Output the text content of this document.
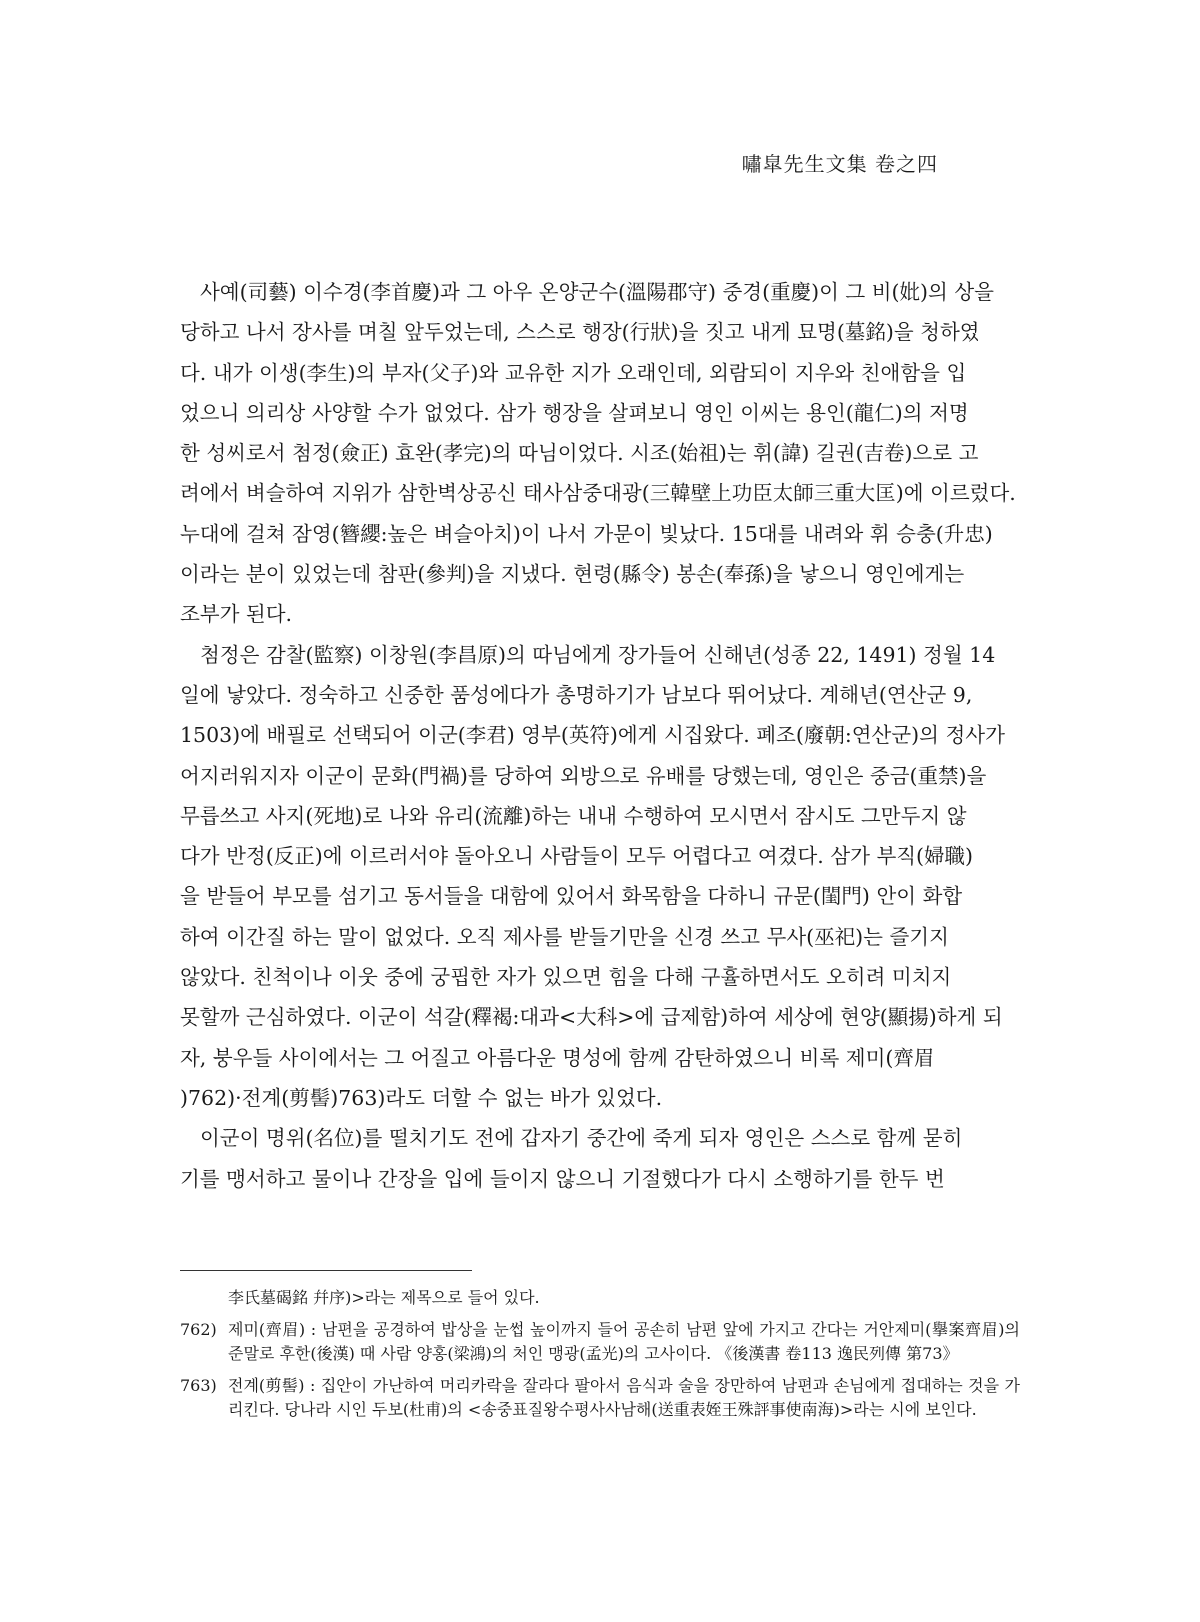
嘯皐先生文集 卷之四
사예(司藝) 이수경(李首慶)과 그 아우 온양군수(溫陽郡守) 중경(重慶)이 그 비(妣)의 상을
당하고 나서 장사를 며칠 앞두었는데, 스스로 행장(行狀)을 짓고 내게 묘명(墓銘)을 청하였
다. 내가 이생(李生)의 부자(父子)와 교유한 지가 오래인데, 외람되이 지우와 친애함을 입
었으니 의리상 사양할 수가 없었다. 삼가 행장을 살펴보니 영인 이씨는 용인(龍仁)의 저명
한 성씨로서 첨정(僉正) 효완(孝完)의 따님이었다. 시조(始祖)는 휘(諱) 길권(吉卷)으로 고
려에서 벼슬하여 지위가 삼한벽상공신 태사삼중대광(三韓壁上功臣太師三重大匡)에 이르렀다.
누대에 걸쳐 잠영(簪纓:높은 벼슬아치)이 나서 가문이 빛났다. 15대를 내려와 휘 승충(升忠)
이라는 분이 있었는데 참판(參判)을 지냈다. 현령(縣令) 봉손(奉孫)을 낳으니 영인에게는
조부가 된다.
첨정은 감찰(監察) 이창원(李昌原)의 따님에게 장가들어 신해년(성종 22, 1491) 정월 14
일에 낳았다. 정숙하고 신중한 품성에다가 총명하기가 남보다 뛰어났다. 계해년(연산군 9,
1503)에 배필로 선택되어 이군(李君) 영부(英符)에게 시집왔다. 폐조(廢朝:연산군)의 정사가
어지러워지자 이군이 문화(門禍)를 당하여 외방으로 유배를 당했는데, 영인은 중금(重禁)을
무릅쓰고 사지(死地)로 나와 유리(流離)하는 내내 수행하여 모시면서 잠시도 그만두지 않
다가 반정(反正)에 이르러서야 돌아오니 사람들이 모두 어렵다고 여겼다. 삼가 부직(婦職)
을 받들어 부모를 섬기고 동서들을 대함에 있어서 화목함을 다하니 규문(閨門) 안이 화합
하여 이간질 하는 말이 없었다. 오직 제사를 받들기만을 신경 쓰고 무사(巫祀)는 즐기지
않았다. 친척이나 이웃 중에 궁핍한 자가 있으면 힘을 다해 구휼하면서도 오히려 미치지
못할까 근심하였다. 이군이 석갈(釋褐:대과<大科>에 급제함)하여 세상에 현양(顯揚)하게 되
자, 붕우들 사이에서는 그 어질고 아름다운 명성에 함께 감탄하였으니 비록 제미(齊眉
)762)·전계(剪髻)763)라도 더할 수 없는 바가 있었다.
이군이 명위(名位)를 떨치기도 전에 갑자기 중간에 죽게 되자 영인은 스스로 함께 묻히
기를 맹서하고 물이나 간장을 입에 들이지 않으니 기절했다가 다시 소행하기를 한두 번

李氏墓碣銘 幷序)>라는 제목으로 들어 있다.

762) 제미(齊眉) : 남편을 공경하여 밥상을 눈썹 높이까지 들어 공손히 남편 앞에 가지고 간다는 거안제미(擧案齊眉)의 준말로 후한(後漢) 때 사람 양홍(梁鴻)의 처인 맹광(孟光)의 고사이다. 《後漢書 卷113 逸民列傳 第73》

763) 전계(剪髻) : 집안이 가난하여 머리카락을 잘라다 팔아서 음식과 술을 장만하여 남편과 손님에게 접대하는 것을 가리킨다. 당나라 시인 두보(杜甫)의 <송중표질왕수평사사남해(送重表姪王殊評事使南海)>라는 시에 보인다.
